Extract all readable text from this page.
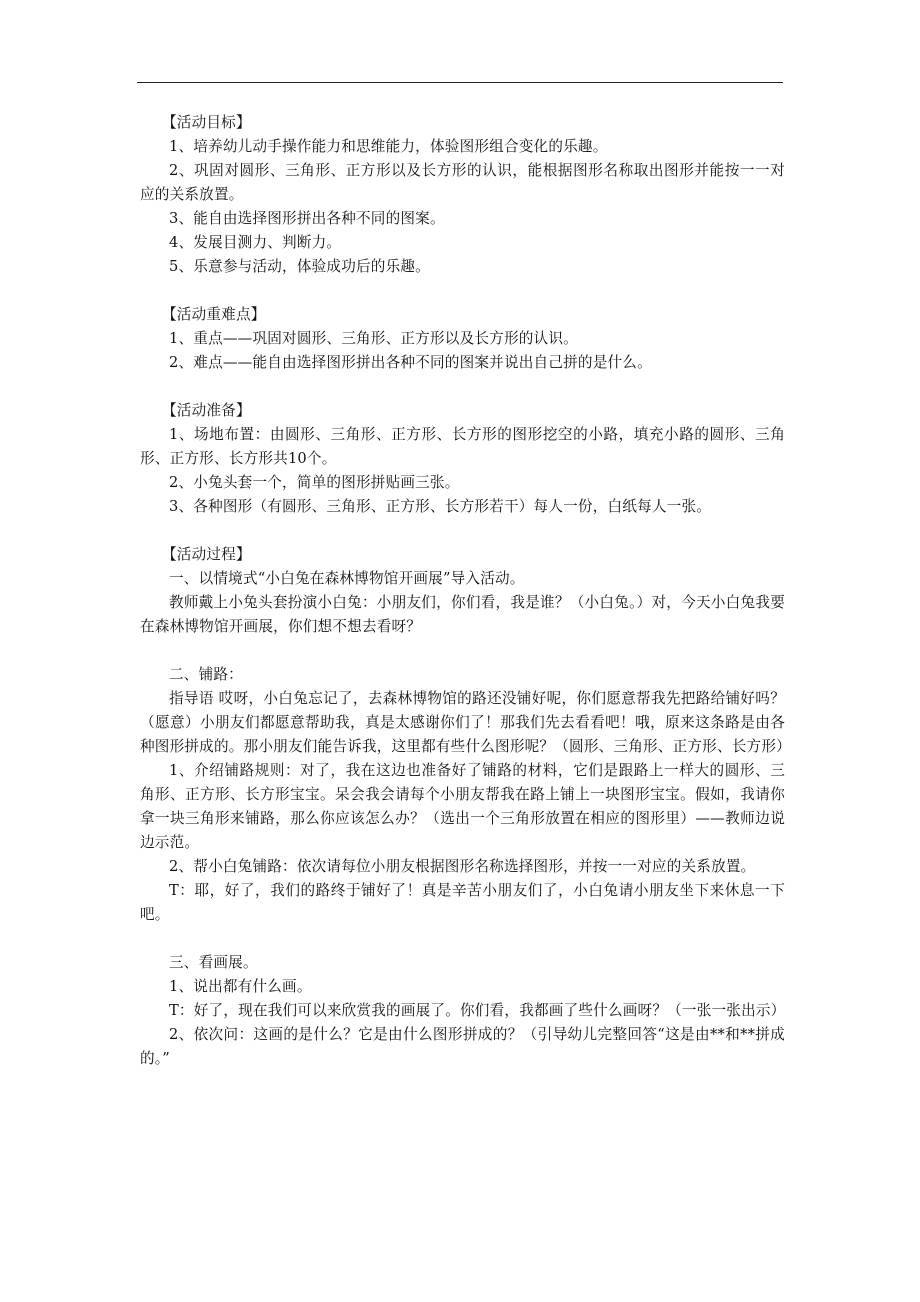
【活动目标】

1、培养幼儿动手操作能力和思维能力，体验图形组合变化的乐趣。

2、巩固对圆形、三角形、正方形以及长方形的认识，能根据图形名称取出图形并能按一一对应的关系放置。

3、能自由选择图形拼出各种不同的图案。

4、发展目测力、判断力。

5、乐意参与活动，体验成功后的乐趣。

【活动重难点】

1、重点——巩固对圆形、三角形、正方形以及长方形的认识。

2、难点——能自由选择图形拼出各种不同的图案并说出自己拼的是什么。

【活动准备】

1、场地布置：由圆形、三角形、正方形、长方形的图形挖空的小路，填充小路的圆形、三角形、正方形、长方形共10个。

2、小兔头套一个，简单的图形拼贴画三张。

3、各种图形（有圆形、三角形、正方形、长方形若干）每人一份，白纸每人一张。

【活动过程】

一、以情境式“小白兔在森林博物馆开画展”导入活动。

教师戴上小兔头套扮演小白兔：小朋友们，你们看，我是谁？（小白兔。）对，今天小白兔我要在森林博物馆开画展，你们想不想去看呀？

二、铺路：

指导语 哎呀，小白兔忘记了，去森林博物馆的路还没铺好呢，你们愿意帮我先把路给铺好吗？（愿意）小朋友们都愿意帮助我，真是太感谢你们了！那我们先去看看吧！哦，原来这条路是由各种图形拼成的。那小朋友们能告诉我，这里都有些什么图形呢？（圆形、三角形、正方形、长方形）

1、介绍铺路规则：对了，我在这边也准备好了铺路的材料，它们是跟路上一样大的圆形、三角形、正方形、长方形宝宝。呆会我会请每个小朋友帮我在路上铺上一块图形宝宝。假如，我请你拿一块三角形来铺路，那么你应该怎么办？（选出一个三角形放置在相应的图形里）——教师边说边示范。

2、帮小白兔铺路：依次请每位小朋友根据图形名称选择图形，并按一一对应的关系放置。

T：耶，好了，我们的路终于铺好了！真是辛苦小朋友们了，小白兔请小朋友坐下来休息一下吧。

三、看画展。

1、说出都有什么画。

T：好了，现在我们可以来欣赏我的画展了。你们看，我都画了些什么画呀？（一张一张出示）

2、依次问：这画的是什么？它是由什么图形拼成的？（引导幼儿完整回答“这是由**和**拼成的。”
